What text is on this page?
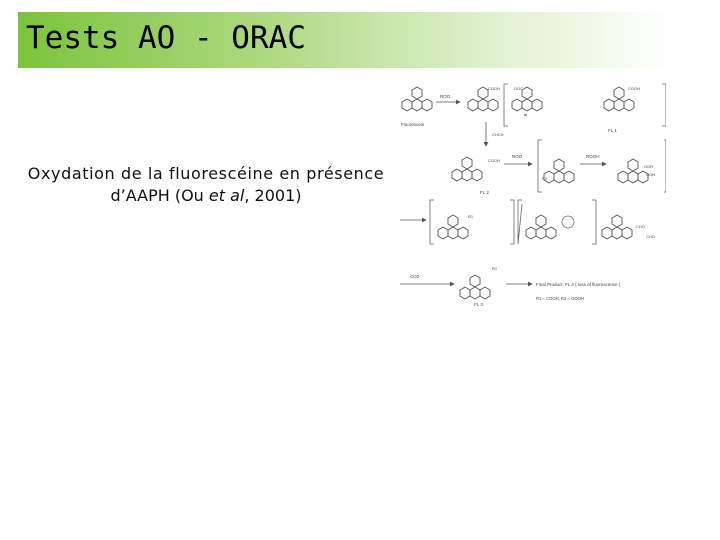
Tests AO - ORAC
Oxydation de la fluorescéine en présence
d’AAPH (Ou et al, 2001)
Fluorescein
ROO
COOH	OOC
⇌
COOH
FL 1
CHCH
COOH
FL 2
ROO
R2
ROOH
OOR
OOH
R1
CHO
CHO
CO2
R1
FL 3
Final Product: FL 4 ( loss of fluorescence )
R1 = COOH, R2 = OOOH
